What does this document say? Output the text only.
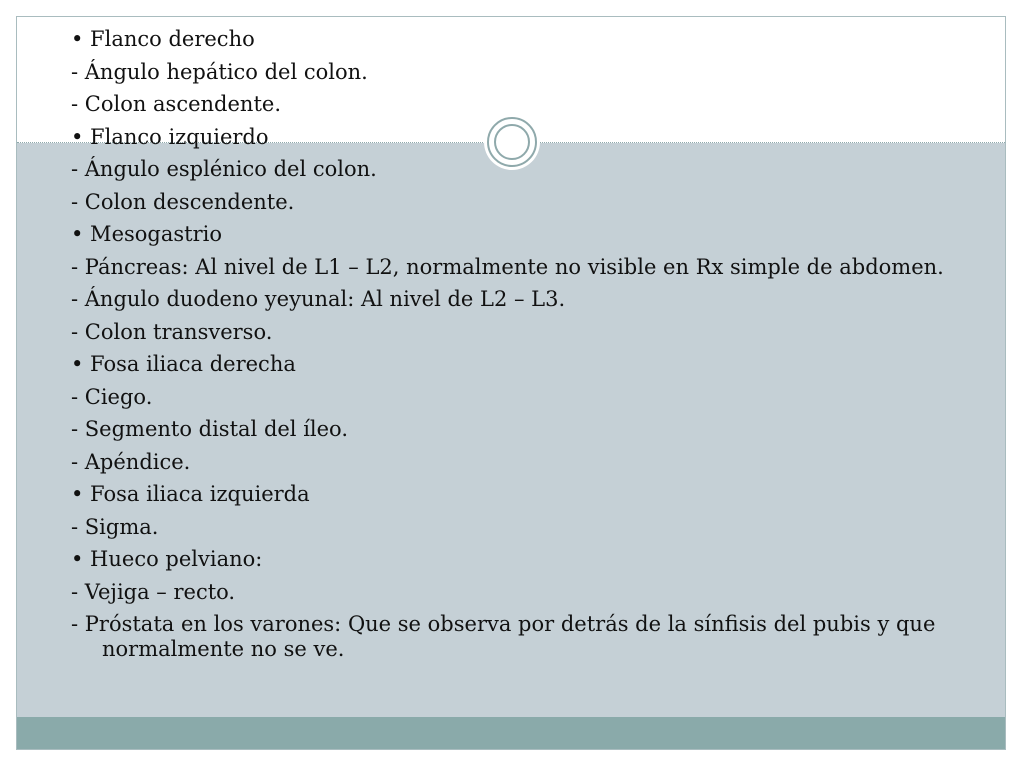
• Flanco derecho
- Ángulo hepático del colon.
- Colon ascendente.
• Flanco izquierdo
- Ángulo esplénico del colon.
- Colon descendente.
• Mesogastrio
- Páncreas: Al nivel de L1 – L2, normalmente no visible en Rx simple de abdomen.
- Ángulo duodeno yeyunal: Al nivel de L2 – L3.
- Colon transverso.
• Fosa iliaca derecha
- Ciego.
- Segmento distal del íleo.
- Apéndice.
• Fosa iliaca izquierda
- Sigma.
• Hueco pelviano:
- Vejiga – recto.
- Próstata en los varones: Que se observa por detrás de la sínfisis del pubis y que normalmente no se ve.
